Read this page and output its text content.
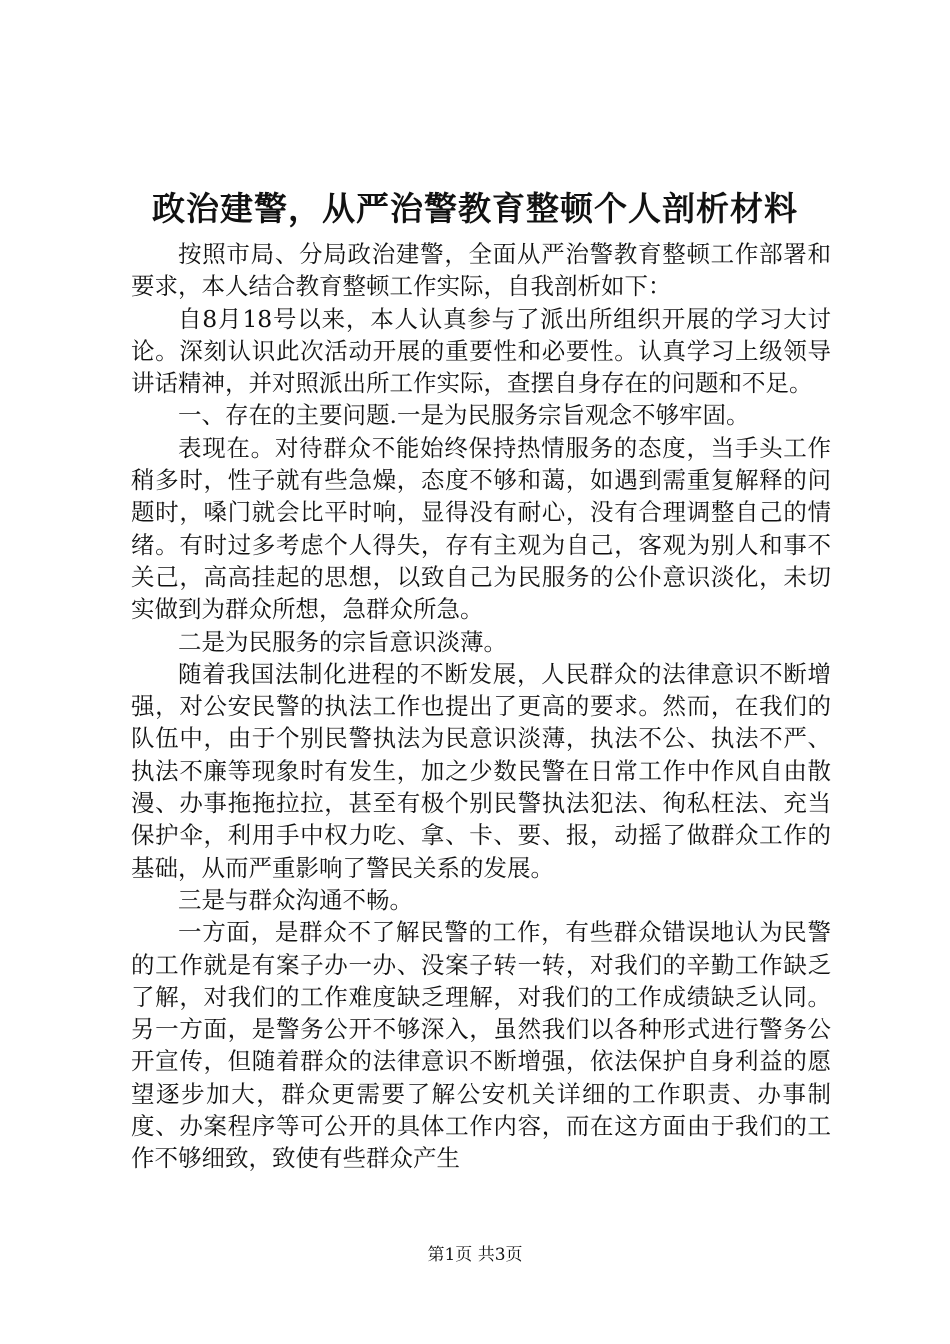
政治建警，从严治警教育整顿个人剖析材料

按照市局、分局政治建警，全面从严治警教育整顿工作部署和要求，本人结合教育整顿工作实际，自我剖析如下：

自8月18号以来，本人认真参与了派出所组织开展的学习大讨论。深刻认识此次活动开展的重要性和必要性。认真学习上级领导讲话精神，并对照派出所工作实际，查摆自身存在的问题和不足。

一、存在的主要问题.一是为民服务宗旨观念不够牢固。

表现在。对待群众不能始终保持热情服务的态度，当手头工作稍多时，性子就有些急燥，态度不够和蔼，如遇到需重复解释的问题时，嗓门就会比平时响，显得没有耐心，没有合理调整自己的情绪。有时过多考虑个人得失，存有主观为自己，客观为别人和事不关己，高高挂起的思想，以致自己为民服务的公仆意识淡化，未切实做到为群众所想，急群众所急。

二是为民服务的宗旨意识淡薄。

随着我国法制化进程的不断发展，人民群众的法律意识不断增强，对公安民警的执法工作也提出了更高的要求。然而，在我们的队伍中，由于个别民警执法为民意识淡薄，执法不公、执法不严、执法不廉等现象时有发生，加之少数民警在日常工作中作风自由散漫、办事拖拖拉拉，甚至有极个别民警执法犯法、徇私枉法、充当保护伞，利用手中权力吃、拿、卡、要、报，动摇了做群众工作的基础，从而严重影响了警民关系的发展。

三是与群众沟通不畅。

一方面，是群众不了解民警的工作，有些群众错误地认为民警的工作就是有案子办一办、没案子转一转，对我们的辛勤工作缺乏了解，对我们的工作难度缺乏理解，对我们的工作成绩缺乏认同。另一方面，是警务公开不够深入，虽然我们以各种形式进行警务公开宣传，但随着群众的法律意识不断增强，依法保护自身利益的愿望逐步加大，群众更需要了解公安机关详细的工作职责、办事制度、办案程序等可公开的具体工作内容，而在这方面由于我们的工作不够细致，致使有些群众产生

第1页 共3页
